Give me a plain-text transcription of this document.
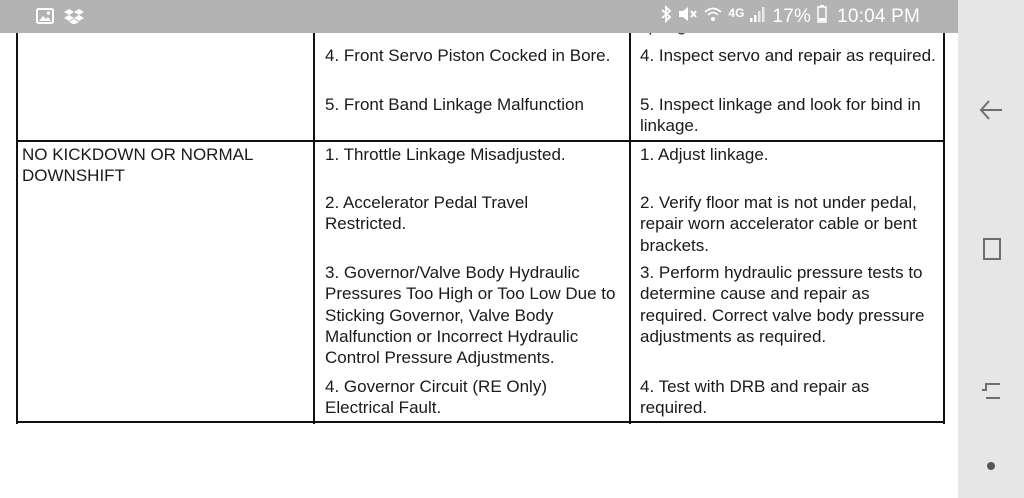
4. Front Servo Piston Cocked in Bore. 4. Inspect servo and repair as required.
5. Front Band Linkage Malfunction	5. Inspect linkage and look for bind in linkage.
NO KICKDOWN OR NORMAL DOWNSHIFT
1. Throttle Linkage Misadjusted.	1. Adjust linkage.
2. Accelerator Pedal Travel Restricted.
2. Verify floor mat is not under pedal, repair worn accelerator cable or bent brackets.
3. Governor/Valve Body Hydraulic Pressures Too High or Too Low Due to Sticking Governor, Valve Body Malfunction or Incorrect Hydraulic Control Pressure Adjustments.
3. Perform hydraulic pressure tests to determine cause and repair as required. Correct valve body pressure adjustments as required.
4. Governor Circuit (RE Only) Electrical Fault.
4. Test with DRB and repair as required.
4G 17% 10:04 PM
